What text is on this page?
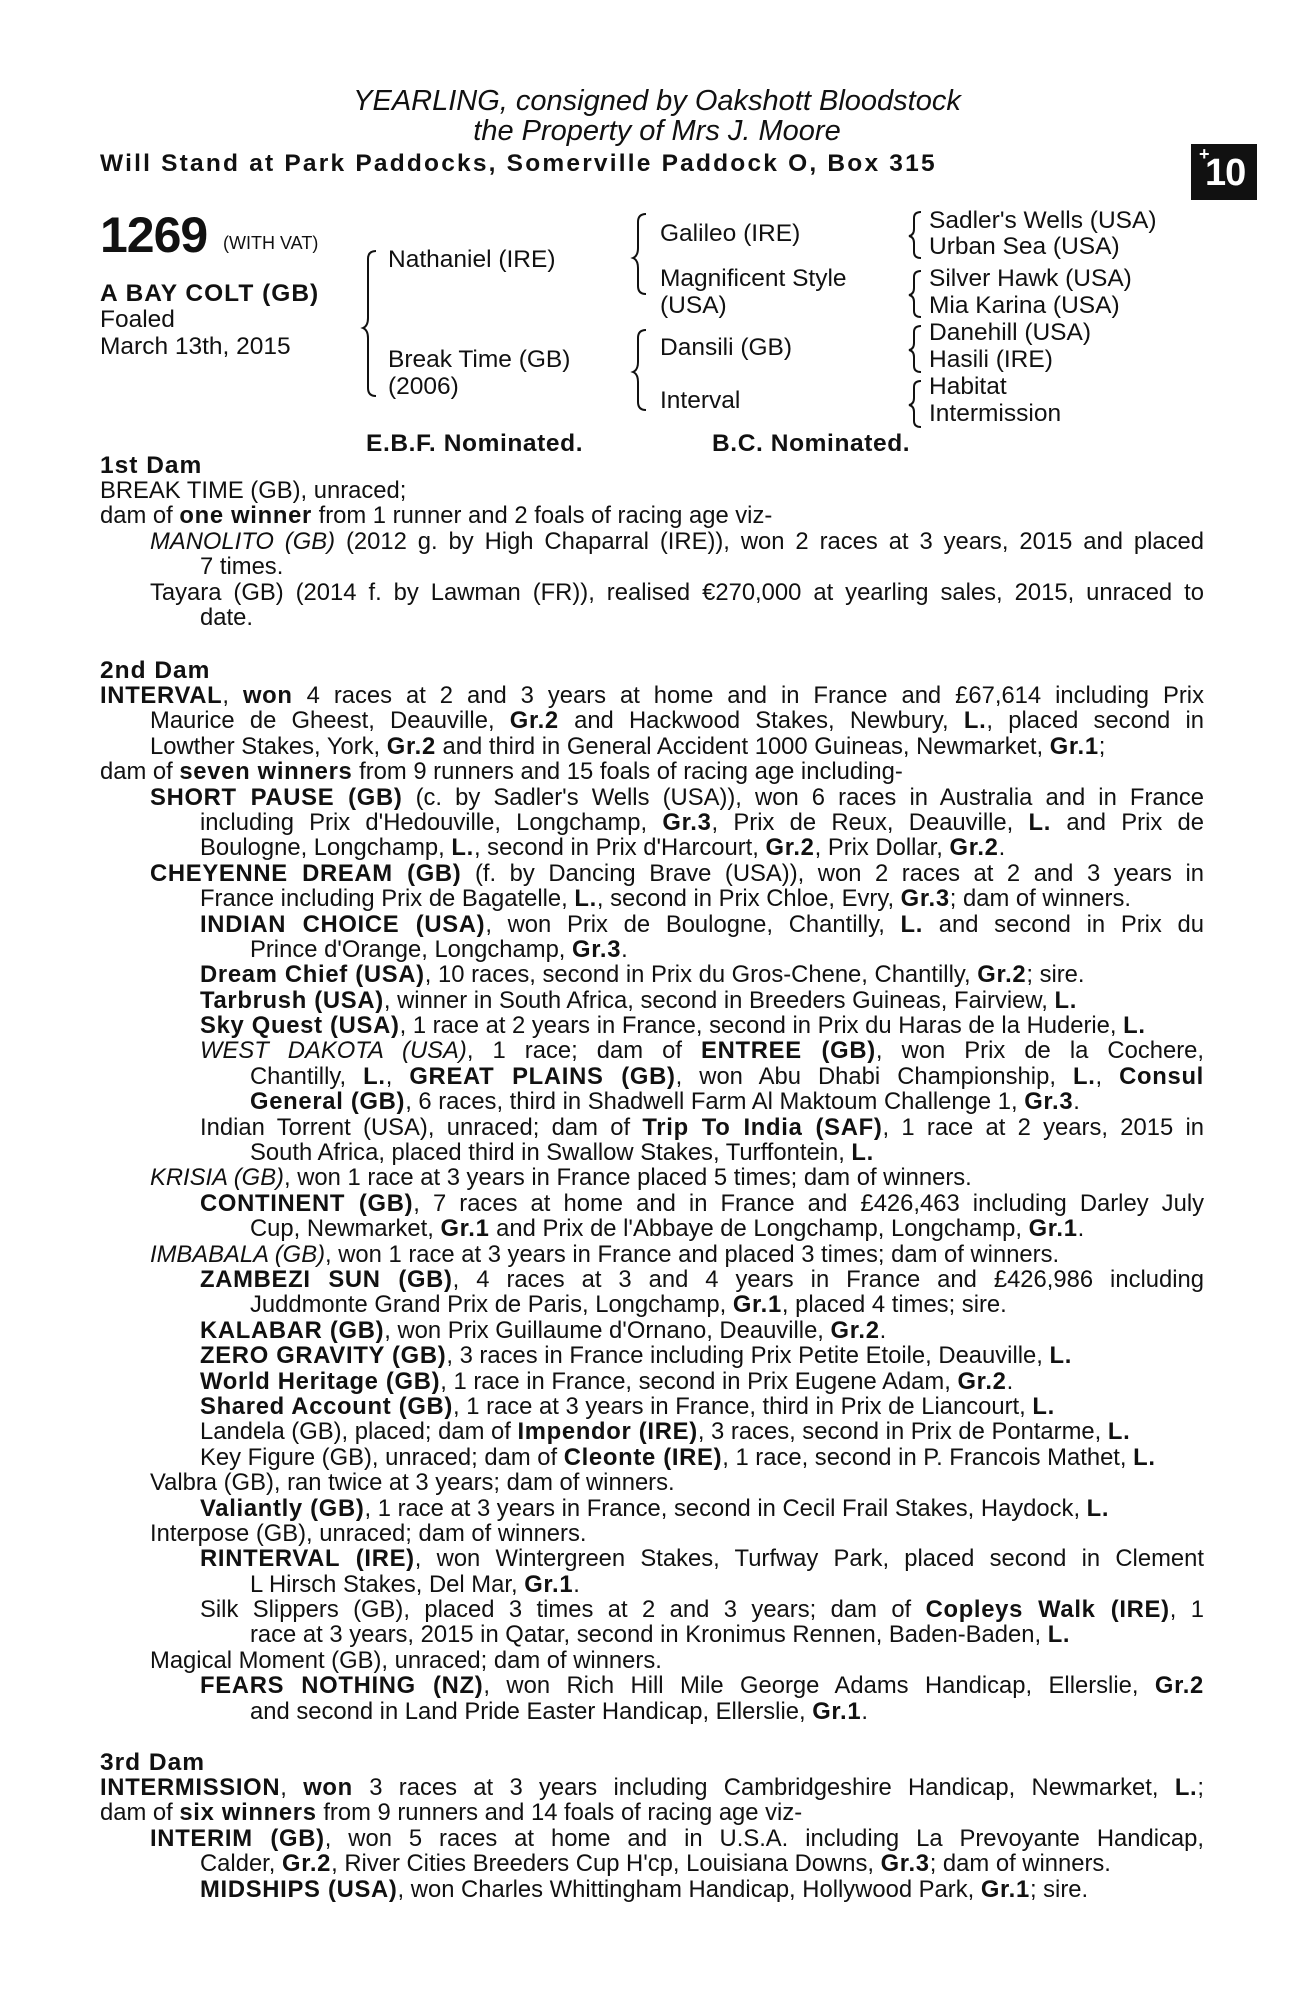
YEARLING, consigned by Oakshott Bloodstock
the Property of Mrs J. Moore
Will Stand at Park Paddocks, Somerville Paddock O, Box 315	+
10
1269 (WITH VAT)
A BAY COLT (GB)
Foaled
March 13th, 2015
Nathaniel (IRE)
Break Time (GB)
(2006)
Galileo (IRE)
Magnificent Style
(USA)
Dansili (GB)
Interval
Sadler's Wells (USA)
Urban Sea (USA)
Silver Hawk (USA)
Mia Karina (USA)
Danehill (USA)
Hasili (IRE)
Habitat
Intermission
E.B.F. Nominated.	B.C. Nominated.
1st Dam
BREAK TIME (GB), unraced;
dam of one winner from 1 runner and 2 foals of racing age viz-
MANOLITO (GB) (2012 g. by High Chaparral (IRE)), won 2 races at 3 years, 2015 and placed
7 times.
Tayara (GB) (2014 f. by Lawman (FR)), realised €270,000 at yearling sales, 2015, unraced to
date.
2nd Dam
INTERVAL, won 4 races at 2 and 3 years at home and in France and £67,614 including Prix
Maurice de Gheest, Deauville, Gr.2 and Hackwood Stakes, Newbury, L., placed second in
Lowther Stakes, York, Gr.2 and third in General Accident 1000 Guineas, Newmarket, Gr.1;
dam of seven winners from 9 runners and 15 foals of racing age including-
SHORT PAUSE (GB) (c. by Sadler's Wells (USA)), won 6 races in Australia and in France
including Prix d'Hedouville, Longchamp, Gr.3, Prix de Reux, Deauville, L. and Prix de
Boulogne, Longchamp, L., second in Prix d'Harcourt, Gr.2, Prix Dollar, Gr.2.
CHEYENNE DREAM (GB) (f. by Dancing Brave (USA)), won 2 races at 2 and 3 years in
France including Prix de Bagatelle, L., second in Prix Chloe, Evry, Gr.3; dam of winners.
INDIAN CHOICE (USA), won Prix de Boulogne, Chantilly, L. and second in Prix du
Prince d'Orange, Longchamp, Gr.3.
Dream Chief (USA), 10 races, second in Prix du Gros-Chene, Chantilly, Gr.2; sire.
Tarbrush (USA), winner in South Africa, second in Breeders Guineas, Fairview, L.
Sky Quest (USA), 1 race at 2 years in France, second in Prix du Haras de la Huderie, L.
WEST DAKOTA (USA), 1 race; dam of ENTREE (GB), won Prix de la Cochere,
Chantilly, L., GREAT PLAINS (GB), won Abu Dhabi Championship, L., Consul
General (GB), 6 races, third in Shadwell Farm Al Maktoum Challenge 1, Gr.3.
Indian Torrent (USA), unraced; dam of Trip To India (SAF), 1 race at 2 years, 2015 in
South Africa, placed third in Swallow Stakes, Turffontein, L.
KRISIA (GB), won 1 race at 3 years in France placed 5 times; dam of winners.
CONTINENT (GB), 7 races at home and in France and £426,463 including Darley July
Cup, Newmarket, Gr.1 and Prix de l'Abbaye de Longchamp, Longchamp, Gr.1.
IMBABALA (GB), won 1 race at 3 years in France and placed 3 times; dam of winners.
ZAMBEZI SUN (GB), 4 races at 3 and 4 years in France and £426,986 including
Juddmonte Grand Prix de Paris, Longchamp, Gr.1, placed 4 times; sire.
KALABAR (GB), won Prix Guillaume d'Ornano, Deauville, Gr.2.
ZERO GRAVITY (GB), 3 races in France including Prix Petite Etoile, Deauville, L.
World Heritage (GB), 1 race in France, second in Prix Eugene Adam, Gr.2.
Shared Account (GB), 1 race at 3 years in France, third in Prix de Liancourt, L.
Landela (GB), placed; dam of Impendor (IRE), 3 races, second in Prix de Pontarme, L.
Key Figure (GB), unraced; dam of Cleonte (IRE), 1 race, second in P. Francois Mathet, L.
Valbra (GB), ran twice at 3 years; dam of winners.
Valiantly (GB), 1 race at 3 years in France, second in Cecil Frail Stakes, Haydock, L.
Interpose (GB), unraced; dam of winners.
RINTERVAL (IRE), won Wintergreen Stakes, Turfway Park, placed second in Clement
L Hirsch Stakes, Del Mar, Gr.1.
Silk Slippers (GB), placed 3 times at 2 and 3 years; dam of Copleys Walk (IRE), 1
race at 3 years, 2015 in Qatar, second in Kronimus Rennen, Baden-Baden, L.
Magical Moment (GB), unraced; dam of winners.
FEARS NOTHING (NZ), won Rich Hill Mile George Adams Handicap, Ellerslie, Gr.2
and second in Land Pride Easter Handicap, Ellerslie, Gr.1.
3rd Dam
INTERMISSION, won 3 races at 3 years including Cambridgeshire Handicap, Newmarket, L.;
dam of six winners from 9 runners and 14 foals of racing age viz-
INTERIM (GB), won 5 races at home and in U.S.A. including La Prevoyante Handicap,
Calder, Gr.2, River Cities Breeders Cup H'cp, Louisiana Downs, Gr.3; dam of winners.
MIDSHIPS (USA), won Charles Whittingham Handicap, Hollywood Park, Gr.1; sire.
